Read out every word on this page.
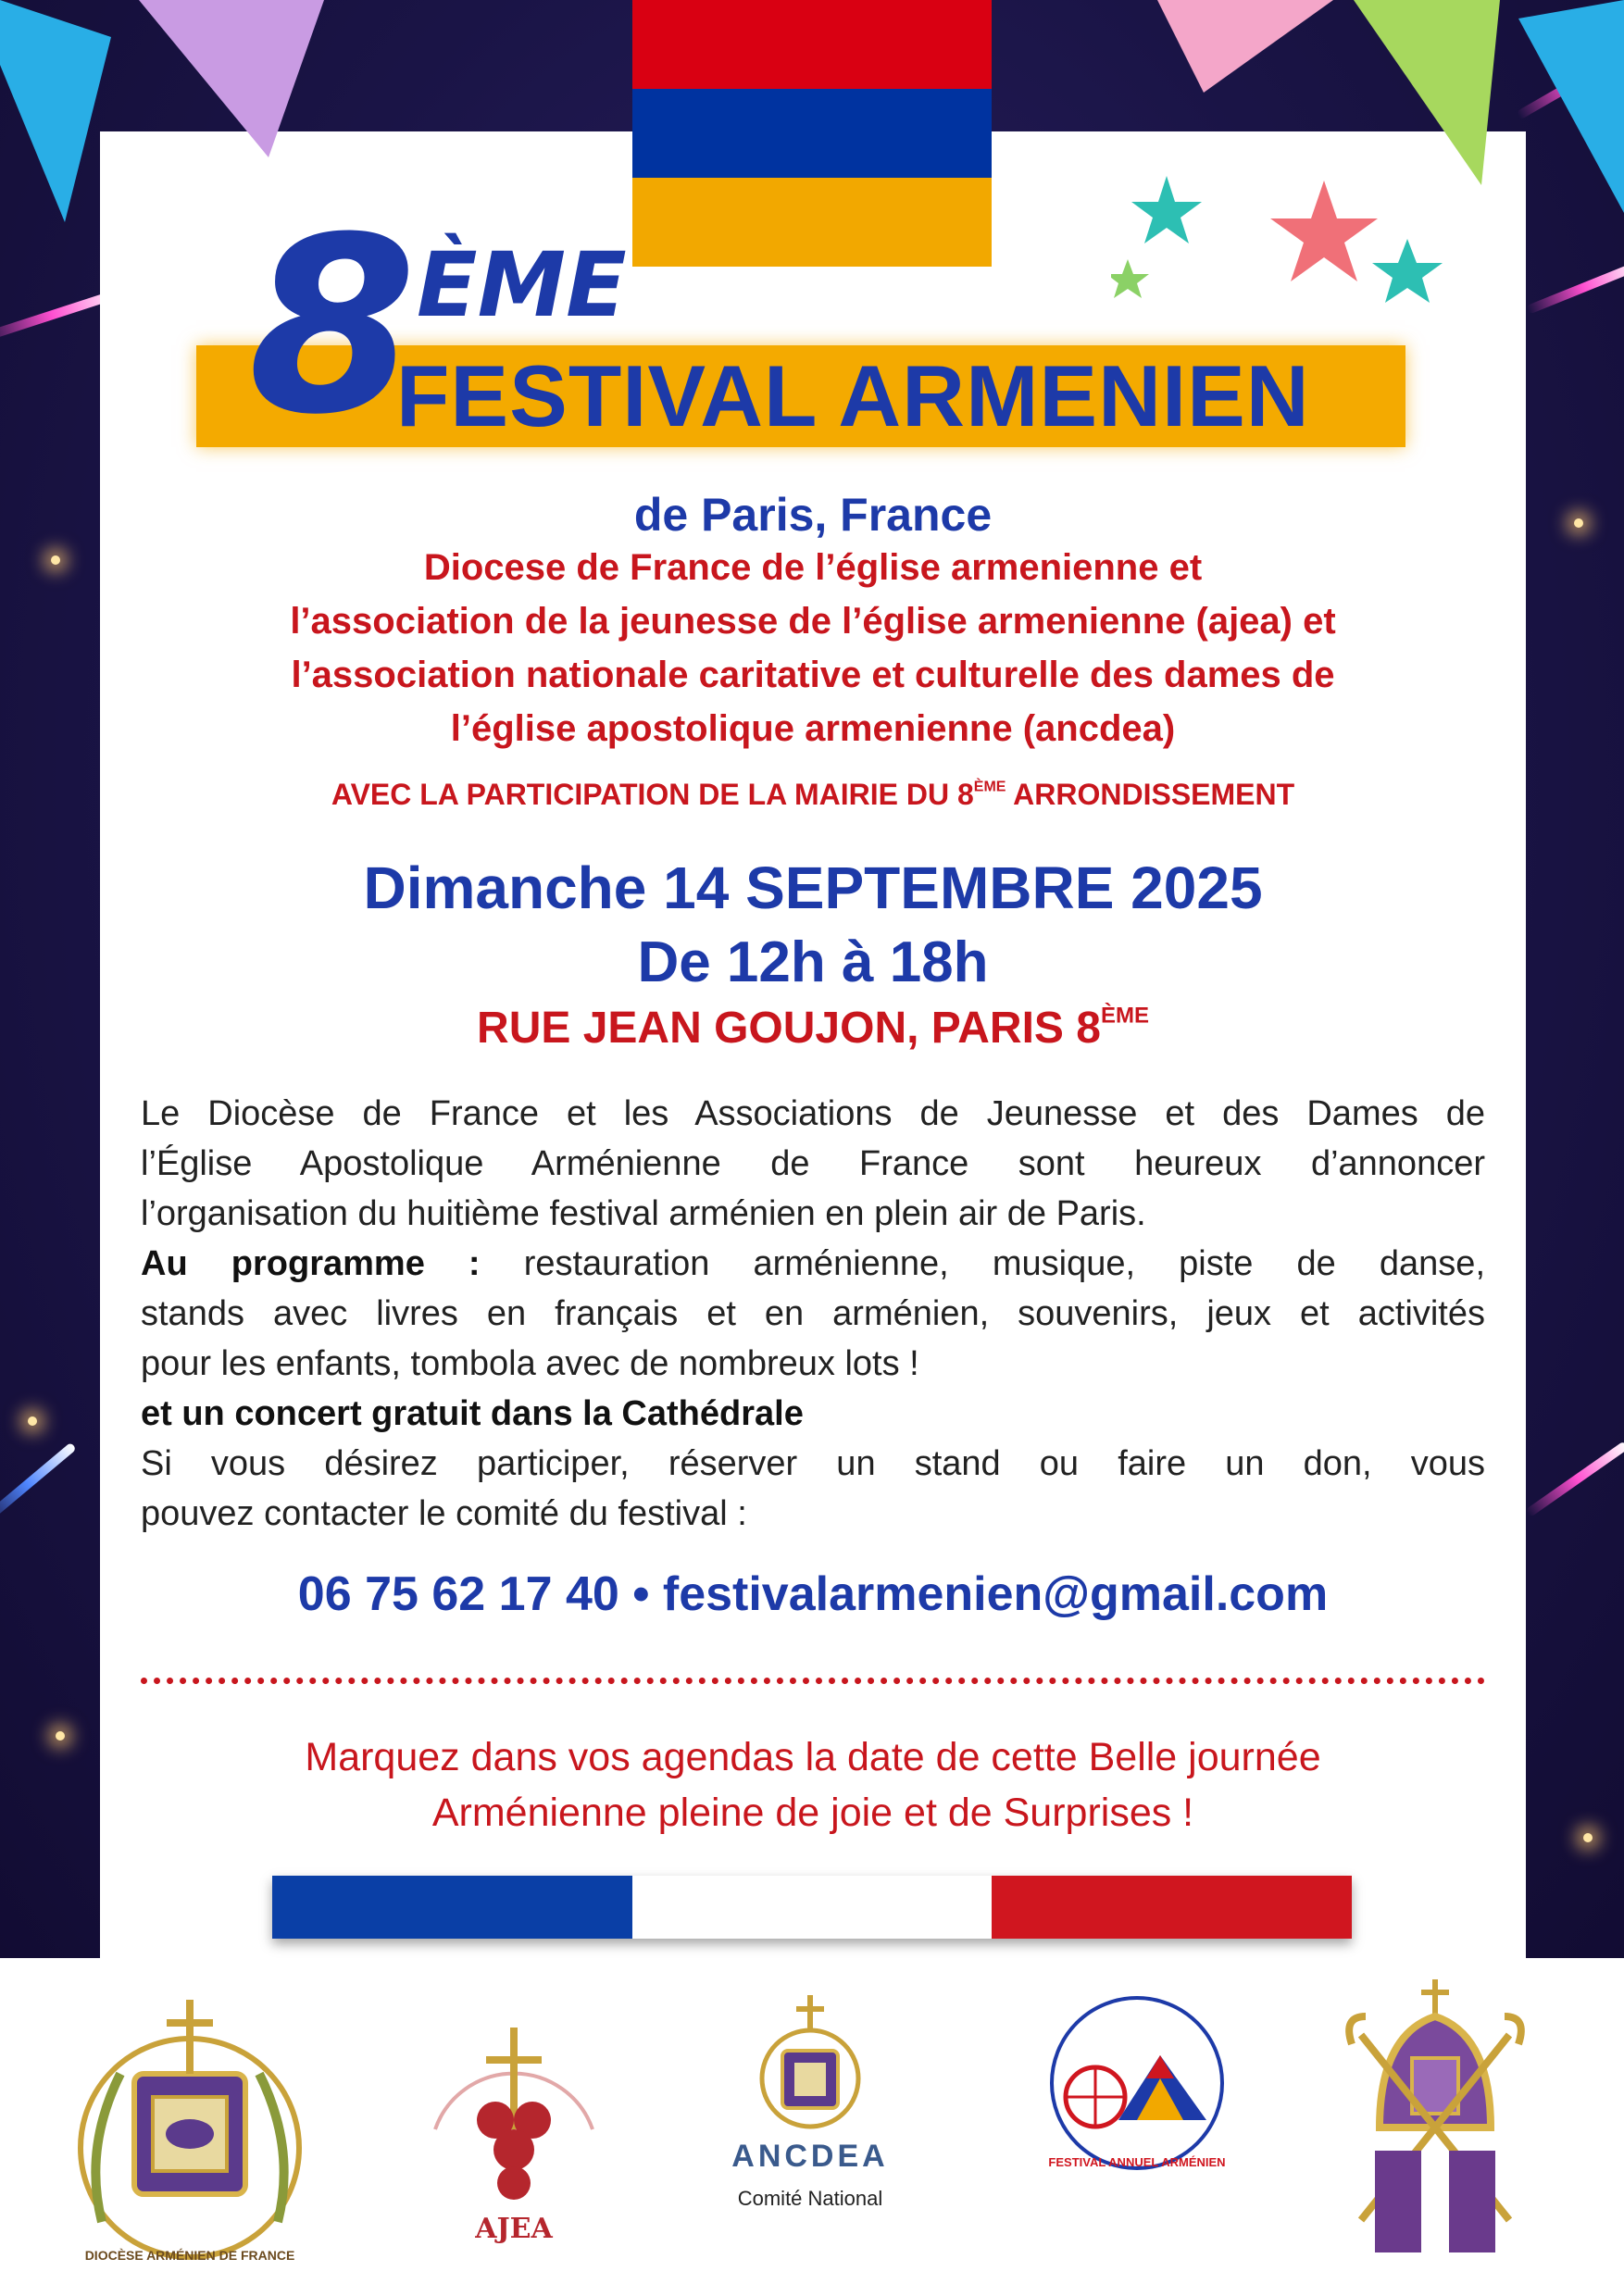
8 ÈME
FESTIVAL ARMENIEN
de Paris, France
Diocese de France de l’église armenienne et
l’association de la jeunesse de l’église armenienne (ajea) et
l’association nationale caritative et culturelle des dames de
l’église apostolique armenienne (ancdea)
AVEC LA PARTICIPATION DE LA MAIRIE DU 8ÈME ARRONDISSEMENT
Dimanche 14 SEPTEMBRE 2025
De 12h à 18h
RUE JEAN GOUJON, PARIS 8ÈME
Le Diocèse de France et les Associations de Jeunesse et des Dames de
l’Église Apostolique Arménienne de France sont heureux d’annoncer
l’organisation du huitième festival arménien en plein air de Paris.
Au programme : restauration arménienne, musique, piste de danse,
stands avec livres en français et en arménien, souvenirs, jeux et activités
pour les enfants, tombola avec de nombreux lots !
et un concert gratuit dans la Cathédrale
Si vous désirez participer, réserver un stand ou faire un don, vous
pouvez contacter le comité du festival :
06 75 62 17 40 • festivalarmenien@gmail.com
Marquez dans vos agendas la date de cette Belle journée
Arménienne pleine de joie et de Surprises !
DIOCÈSE ARMÉNIEN DE FRANCE
AJEA
ANCDEA
Comité National
FESTIVAL ANNUEL ARMÉNIEN
